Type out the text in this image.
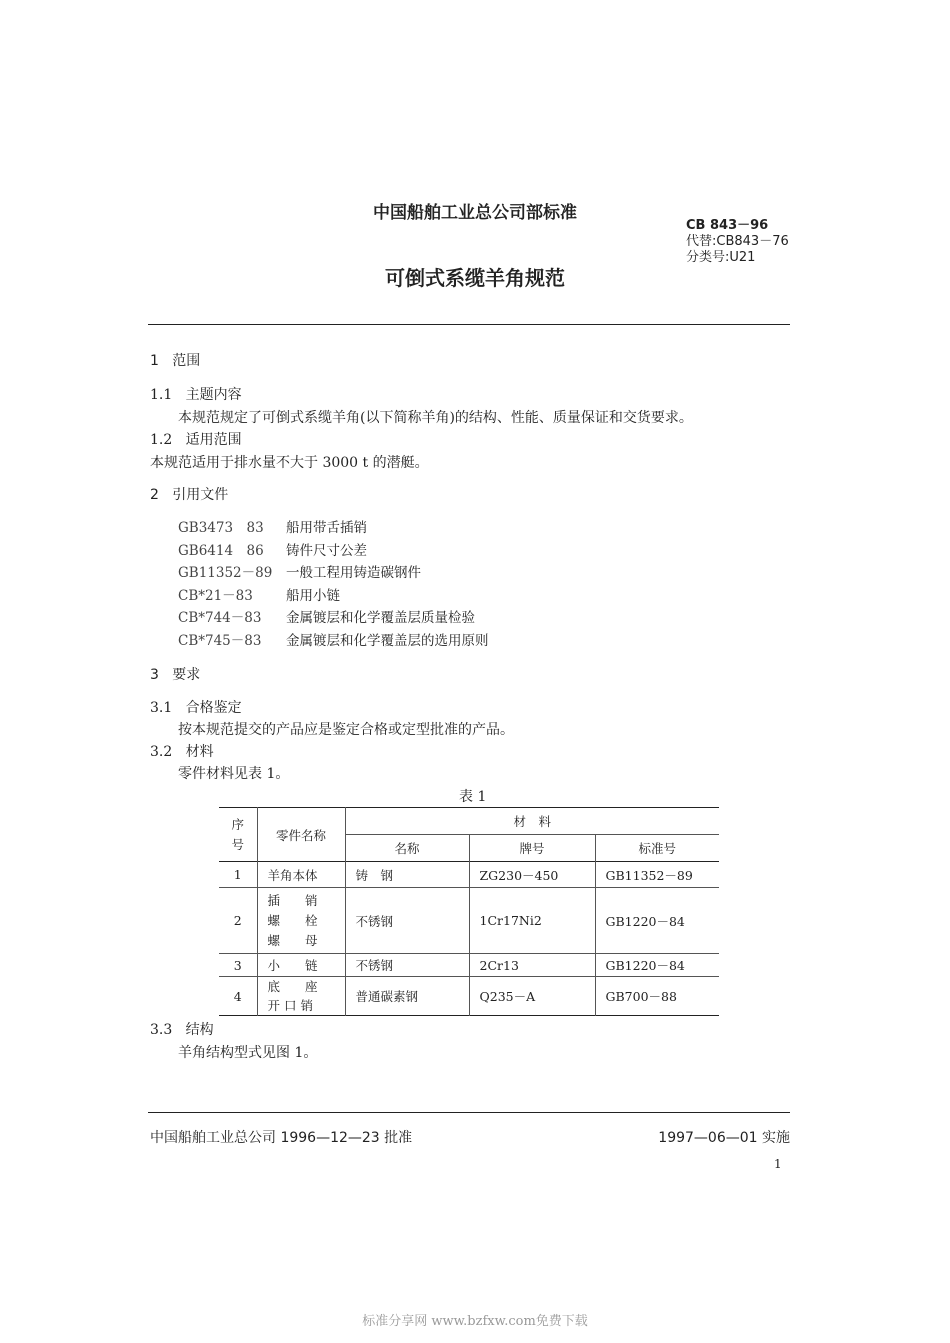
中国船舶工业总公司部标准
CB 843－96
代替:CB843－76
分类号:U21
可倒式系缆羊角规范
1 范围
1.1 主题内容
本规范规定了可倒式系缆羊角(以下简称羊角)的结构、性能、质量保证和交货要求。
1.2 适用范围
本规范适用于排水量不大于 3000 t 的潜艇。
2 引用文件
GB3473　83	船用带舌插销
GB6414　86	铸件尺寸公差
GB11352－89	一般工程用铸造碳钢件
CB*21－83	船用小链
CB*744－83	金属镀层和化学覆盖层质量检验
CB*745－83	金属镀层和化学覆盖层的选用原则
3 要求
3.1 合格鉴定
按本规范提交的产品应是鉴定合格或定型批准的产品。
3.2 材料
零件材料见表 1。
表 1
序号	零件名称	材　料		
		名称	牌号	标准号
1	羊角本体	铸　钢	ZG230－450	GB11352－89
2	插　　销
螺　　栓
螺　　母	不锈钢	1Cr17Ni2	GB1220－84
3	小　　链	不锈钢	2Cr13	GB1220－84
4	底　　座
开 口 销	普通碳素钢	Q235－A	GB700－88
3.3 结构
羊角结构型式见图 1。
中国船舶工业总公司 1996—12—23 批准	1997—06—01 实施
1
标准分享网 www.bzfxw.com免费下载
